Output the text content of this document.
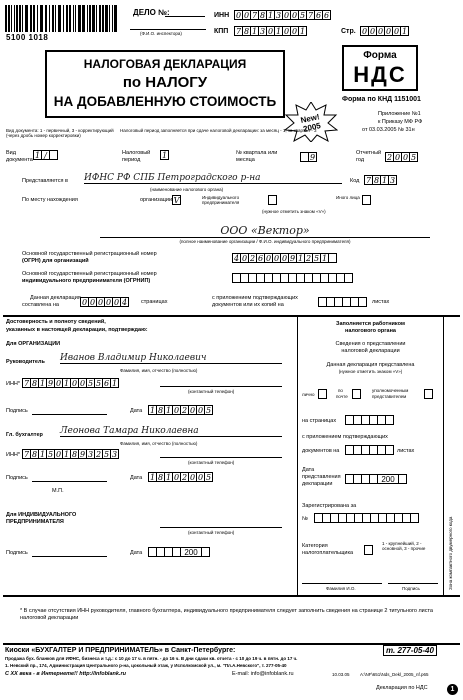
5100 1018
ДЕЛО №:
(Ф.И.О. инспектора)
ИНН 0 0 7 8 1 3 0 0 5 7 6 6
КПП 7 8 1 3 0 1 0 0 1	Стр. 0 0 0 0 0 1
НАЛОГОВАЯ ДЕКЛАРАЦИЯ
по НАЛОГУ
НА ДОБАВЛЕННУЮ СТОИМОСТЬ
New! 2005
Форма
НДС
Форма по КНД 1151001
Приложение №1
к Приказу МФ РФ
от 03.03.2005 № 31н
Вид документа: 1 - первичный, 3 - корректирующий (через дробь номер корректировки)
Налоговый период заполняется при сдаче налоговой декларации: за месяц - 1, за квартал - 3
Вид документа
1 /	Налоговый период
1	№ квартала или месяца	9	Отчетный год	2 0 0 5
Представляется в ИФНС РФ СПБ Петроградского р-на
(наименование налогового органа)
Код 7 8 1 3
По месту нахождения	организации V	Индивидуального предпринимателя
Иного лица
(нужное отметить знаком «V»)
ООО «Вектор»
(полное наименование организации / Ф.И.О. индивидуального предпринимателя)
Основной государственный регистрационный номер
(ОГРН) для организаций	4 0 2 6 0 0 0 9 1 2 5 1
Основной государственный регистрационный номер
индивидуального предпринимателя (ОГРНИП)
Данная декларация
составлена на	0 0 0 0 0 4	страницах
с приложением подтверждающих
документов или их копий на	листах
Достоверность и полноту сведений,
указанных в настоящей декларации, подтверждаю:
Для ОРГАНИЗАЦИИ
Руководитель Иванов Владимир Николаевич
Фамилия, имя, отчество (полностью)
ИНН* 7 8 1 9 0 1 0 0 5 5 6 1
(контактный телефон)
Подпись	Дата 1 8 1 0 2 0 0 5
Гл. бухгалтер Леонова Тамара Николаевна
Фамилия, имя, отчество (полностью)
ИНН* 7 8 1 5 0 1 8 9 3 2 5 3
(контактный телефон)
Подпись	Дата 1 8 1 0 2 0 0 5
М.П.
Для ИНДИВИДУАЛЬНОГО
ПРЕДПРИНИМАТЕЛЯ
(контактный телефон)
Подпись	Дата	200
Заполняется работником
налогового органа
Сведения о представлении
налоговой декларации
Данная декларация представлена
(нужное отметить знаком «V»)
лично
по
почте
уполномоченным
представителем
на страницах
с приложением подтверждающих
документов на	листах
Дата
представления
декларации
200
Зарегистрирована за
№
Категория
налогоплательщика
1 - крупнейший, 2 - основной, 3 - прочие
Фамилия И.О.	Подпись	Зона компактного двумерного кода
* В случае отсутствия ИНН руководителя, главного бухгалтера, индивидуального предпринимателя следует заполнить сведения на странице 2 титульного листа налоговой декларации
Киоски «БУХГАЛТЕР И ПРЕДПРИНИМАТЕЛЬ» в Санкт-Петербурге:	т. 277-05-40
Продажа бух. бланков для ИФНС, бизнеса и т.д.: с 10 до 17 ч. в пятн. - до 16 ч. В дни сдачи кв. отчета - с 10 до 19 ч. в пятн. до 17 ч.
1. Невский пр., 174, Администрация Центрального р-на, цокольный этаж, у Исполкомской ул., м. "Пл.А.Невского", т. 277-05-40
С XX века - в Интернете!! http://infoblank.ru	E-mail: info@infoblank.ru	10.03.05 А:\NF\651\Nds_Dekl_2005_nf.p65
Декларация по НДС	1
